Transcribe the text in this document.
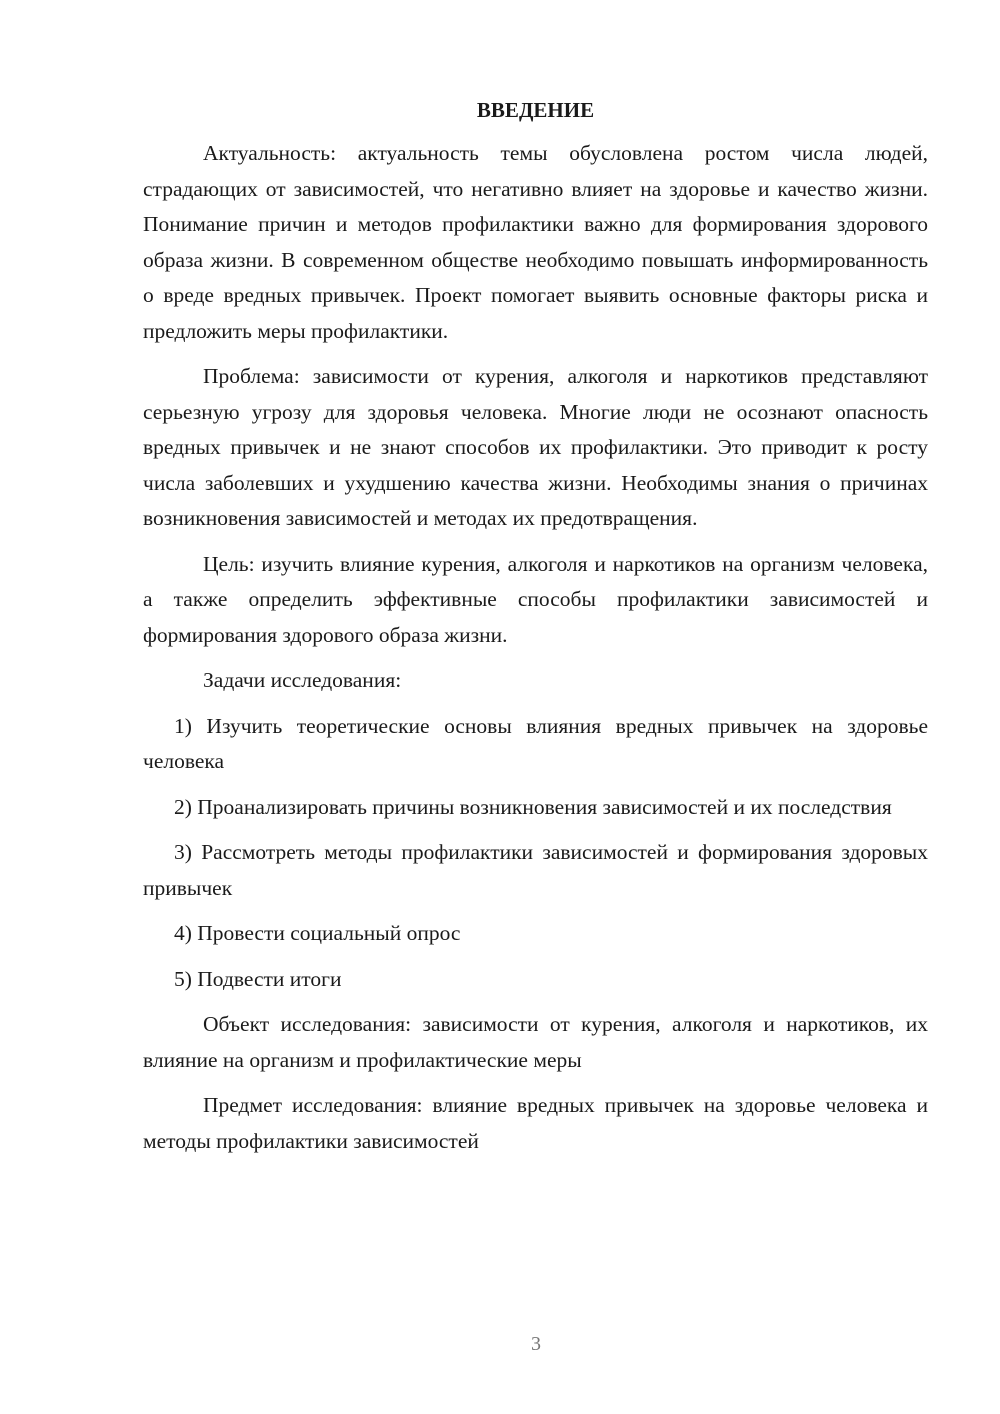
ВВЕДЕНИЕ

Актуальность: актуальность темы обусловлена ростом числа людей, страдающих от зависимостей, что негативно влияет на здоровье и качество жизни. Понимание причин и методов профилактики важно для формирования здорового образа жизни. В современном обществе необходимо повышать информированность о вреде вредных привычек. Проект помогает выявить основные факторы риска и предложить меры профилактики.

Проблема: зависимости от курения, алкоголя и наркотиков представляют серьезную угрозу для здоровья человека. Многие люди не осознают опасность вредных привычек и не знают способов их профилактики. Это приводит к росту числа заболевших и ухудшению качества жизни. Необходимы знания о причинах возникновения зависимостей и методах их предотвращения.

Цель: изучить влияние курения, алкоголя и наркотиков на организм человека, а также определить эффективные способы профилактики зависимостей и формирования здорового образа жизни.

Задачи исследования:

1) Изучить теоретические основы влияния вредных привычек на здоровье человека

2) Проанализировать причины возникновения зависимостей и их последствия

3) Рассмотреть методы профилактики зависимостей и формирования здоровых привычек

4) Провести социальный опрос

5) Подвести итоги

Объект исследования: зависимости от курения, алкоголя и наркотиков, их влияние на организм и профилактические меры

Предмет исследования: влияние вредных привычек на здоровье человека и методы профилактики зависимостей

3
